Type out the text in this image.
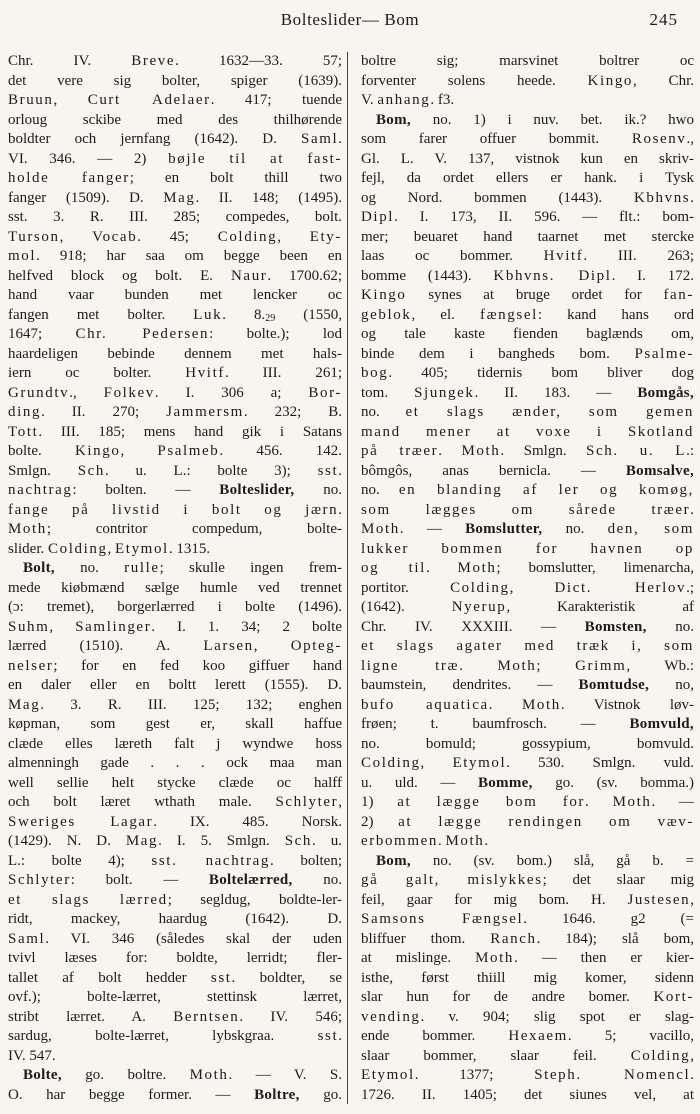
Bolteslider— Bom	245
Chr. IV. Breve. 1632—33. 57;
det vere sig bolter, spiger (1639).
Bruun, Curt Adelaer. 417; tuende
orloug sckibe med des thilhørende
boldter och jernfang (1642). D. Saml.
VI. 346. — 2) bøjle til at fast-
holde fanger; en bolt thill two
fanger (1509). D. Mag. II. 148; (1495).
sst. 3. R. III. 285; compedes, bolt.
Turson, Vocab. 45; Colding, Ety-
mol. 918; har saa om begge been en
helfved block og bolt. E. Naur. 1700.62;
hand vaar bunden met lencker oc
fangen met bolter. Luk. 8.29 (1550,
1647; Chr. Pedersen: bolte.); lod
haardeligen bebinde dennem met hals-
iern oc bolter. Hvitf. III. 261;
Grundtv., Folkev. I. 306 a; Bor-
ding. II. 270; Jammersm. 232; B.
Tott. III. 185; mens hand gik i Satans
bolte. Kingo, Psalmeb. 456. 142.
Smlgn. Sch. u. L.: bolte 3); sst.
nachtrag: bolten. — Bolteslider, no.
fange på livstid i bolt og jærn.
Moth; contritor compedum, bolte-
slider. Colding, Etymol. 1315.
Bolt, no. rulle; skulle ingen frem-
mede kiøbmænd sælge humle ved trennet
(ɔ: tremet), borgerlærred i bolte (1496).
Suhm, Samlinger. I. 1. 34; 2 bolte
lærred (1510). A. Larsen, Opteg-
nelser; for en fed koo giffuer hand
en daler eller en boltt lerett (1555). D.
Mag. 3. R. III. 125; 132; enghen
køpman, som gest er, skall haffue
clæde elles læreth falt j wyndwe hoss
almenningh gade . . . ock maa man
well sellie helt stycke clæde oc halff
och bolt læret wthath male. Schlyter,
Sweriges Lagar. IX. 485. Norsk.
(1429). N. D. Mag. I. 5. Smlgn. Sch. u.
L.: bolte 4); sst. nachtrag. bolten;
Schlyter: bolt. — Boltelærred, no.
et slags lærred; segldug, boldte-ler-
ridt, mackey, haardug (1642). D.
Saml. VI. 346 (således skal der uden
tvivl læses for: boldte, lerridt; fler-
tallet af bolt hedder sst. boldter, se
ovf.); bolte-lærret, stettinsk lærret,
stribt lærret. A. Berntsen. IV. 546;
sardug, bolte-lærret, lybskgraa. sst.
IV. 547.
Bolte, go. boltre. Moth. — V. S.
O. har begge former. — Boltre, go.
boltre sig; marsvinet boltrer oc
forventer solens heede. Kingo, Chr.
V. anhang. f3.
Bom, no. 1) i nuv. bet. ik.? hwo
som farer offuer bommit. Rosenv.,
Gl. L. V. 137, vistnok kun en skriv-
fejl, da ordet ellers er hank. i Tysk
og Nord. bommen (1443). Kbhvns.
Dipl. I. 173, II. 596. — flt.: bom-
mer; beuaret hand taarnet met stercke
laas oc bommer. Hvitf. III. 263;
bomme (1443). Kbhvns. Dipl. I. 172.
Kingo synes at bruge ordet for fan-
geblok, el. fængsel: kand hans ord
og tale kaste fienden baglænds om,
binde dem i bangheds bom. Psalme-
bog. 405; tidernis bom bliver dog
tom. Sjungek. II. 183. — Bomgås,
no. et slags ænder, som gemen
mand mener at voxe i Skotland
på træer. Moth. Smlgn. Sch. u. L.:
bômgôs, anas bernicla. — Bomsalve,
no. en blanding af ler og komøg,
som lægges om sårede træer.
Moth. — Bomslutter, no. den, som
lukker bommen for havnen op
og til. Moth; bomslutter, limenarcha,
portitor. Colding, Dict. Herlov.;
(1642). Nyerup, Karakteristik af
Chr. IV. XXXIII. — Bomsten, no.
et slags agater med træk i, som
ligne træ. Moth; Grimm, Wb.:
baumstein, dendrites. — Bomtudse, no,
bufo aquatica. Moth. Vistnok løv-
frøen; t. baumfrosch. — Bomvuld,
no. bomuld; gossypium, bomvuld.
Colding, Etymol. 530. Smlgn. vuld.
u. uld. — Bomme, go. (sv. bomma.)
1) at lægge bom for. Moth. —
2) at lægge rendingen om væv-
erbommen. Moth.
Bom, no. (sv. bom.) slå, gå b. =
gå galt, mislykkes; det slaar mig
feil, gaar for mig bom. H. Justesen,
Samsons Fængsel. 1646. g2 (=
bliffuer thom. Ranch. 184); slå bom,
at mislinge. Moth. — then er kier-
isthe, først thiill mig komer, sidenn
slar hun for de andre bomer. Kort-
vending. v. 904; slig spot er slag-
ende bommer. Hexaem. 5; vacillo,
slaar bommer, slaar feil. Colding,
Etymol. 1377; Steph. Nomencl.
1726. II. 1405; det siunes vel, at
